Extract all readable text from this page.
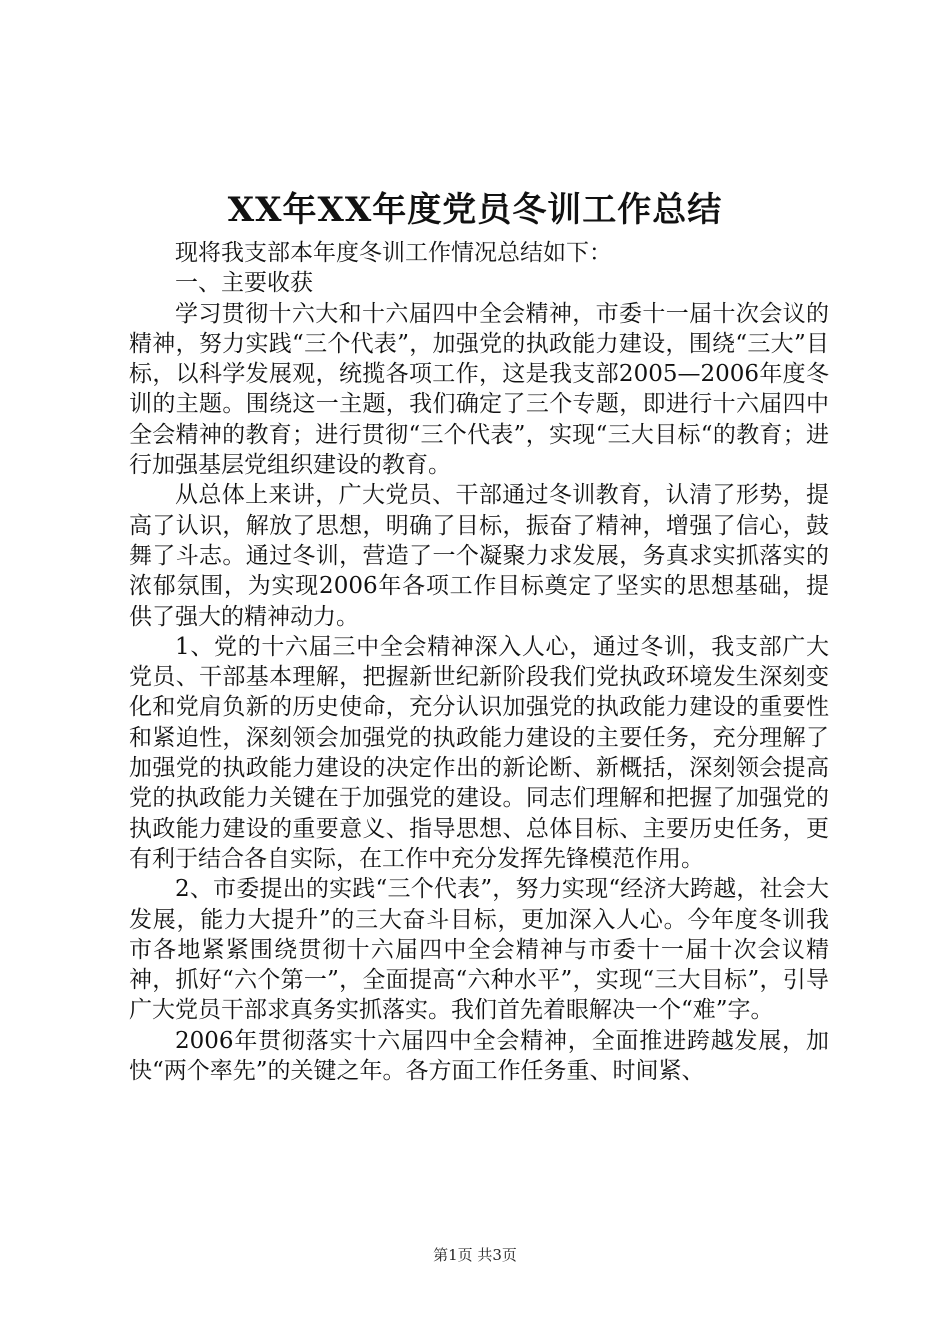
XX年XX年度党员冬训工作总结

现将我支部本年度冬训工作情况总结如下：

一、主要收获

学习贯彻十六大和十六届四中全会精神，市委十一届十次会议的精神，努力实践“三个代表”，加强党的执政能力建设，围绕“三大”目标，以科学发展观，统揽各项工作，这是我支部2005—2006年度冬训的主题。围绕这一主题，我们确定了三个专题，即进行十六届四中全会精神的教育；进行贯彻“三个代表”，实现“三大目标“的教育；进行加强基层党组织建设的教育。

从总体上来讲，广大党员、干部通过冬训教育，认清了形势，提高了认识，解放了思想，明确了目标，振奋了精神，增强了信心，鼓舞了斗志。通过冬训，营造了一个凝聚力求发展，务真求实抓落实的浓郁氛围，为实现2006年各项工作目标奠定了坚实的思想基础，提供了强大的精神动力。

1、党的十六届三中全会精神深入人心，通过冬训，我支部广大党员、干部基本理解，把握新世纪新阶段我们党执政环境发生深刻变化和党肩负新的历史使命，充分认识加强党的执政能力建设的重要性和紧迫性，深刻领会加强党的执政能力建设的主要任务，充分理解了加强党的执政能力建设的决定作出的新论断、新概括，深刻领会提高党的执政能力关键在于加强党的建设。同志们理解和把握了加强党的执政能力建设的重要意义、指导思想、总体目标、主要历史任务，更有利于结合各自实际，在工作中充分发挥先锋模范作用。

2、市委提出的实践“三个代表”，努力实现“经济大跨越，社会大发展，能力大提升”的三大奋斗目标，更加深入人心。今年度冬训我市各地紧紧围绕贯彻十六届四中全会精神与市委十一届十次会议精神，抓好“六个第一”，全面提高“六种水平”，实现“三大目标”，引导广大党员干部求真务实抓落实。我们首先着眼解决一个“难”字。

2006年贯彻落实十六届四中全会精神，全面推进跨越发展，加快“两个率先”的关键之年。各方面工作任务重、时间紧、

第1页 共3页
